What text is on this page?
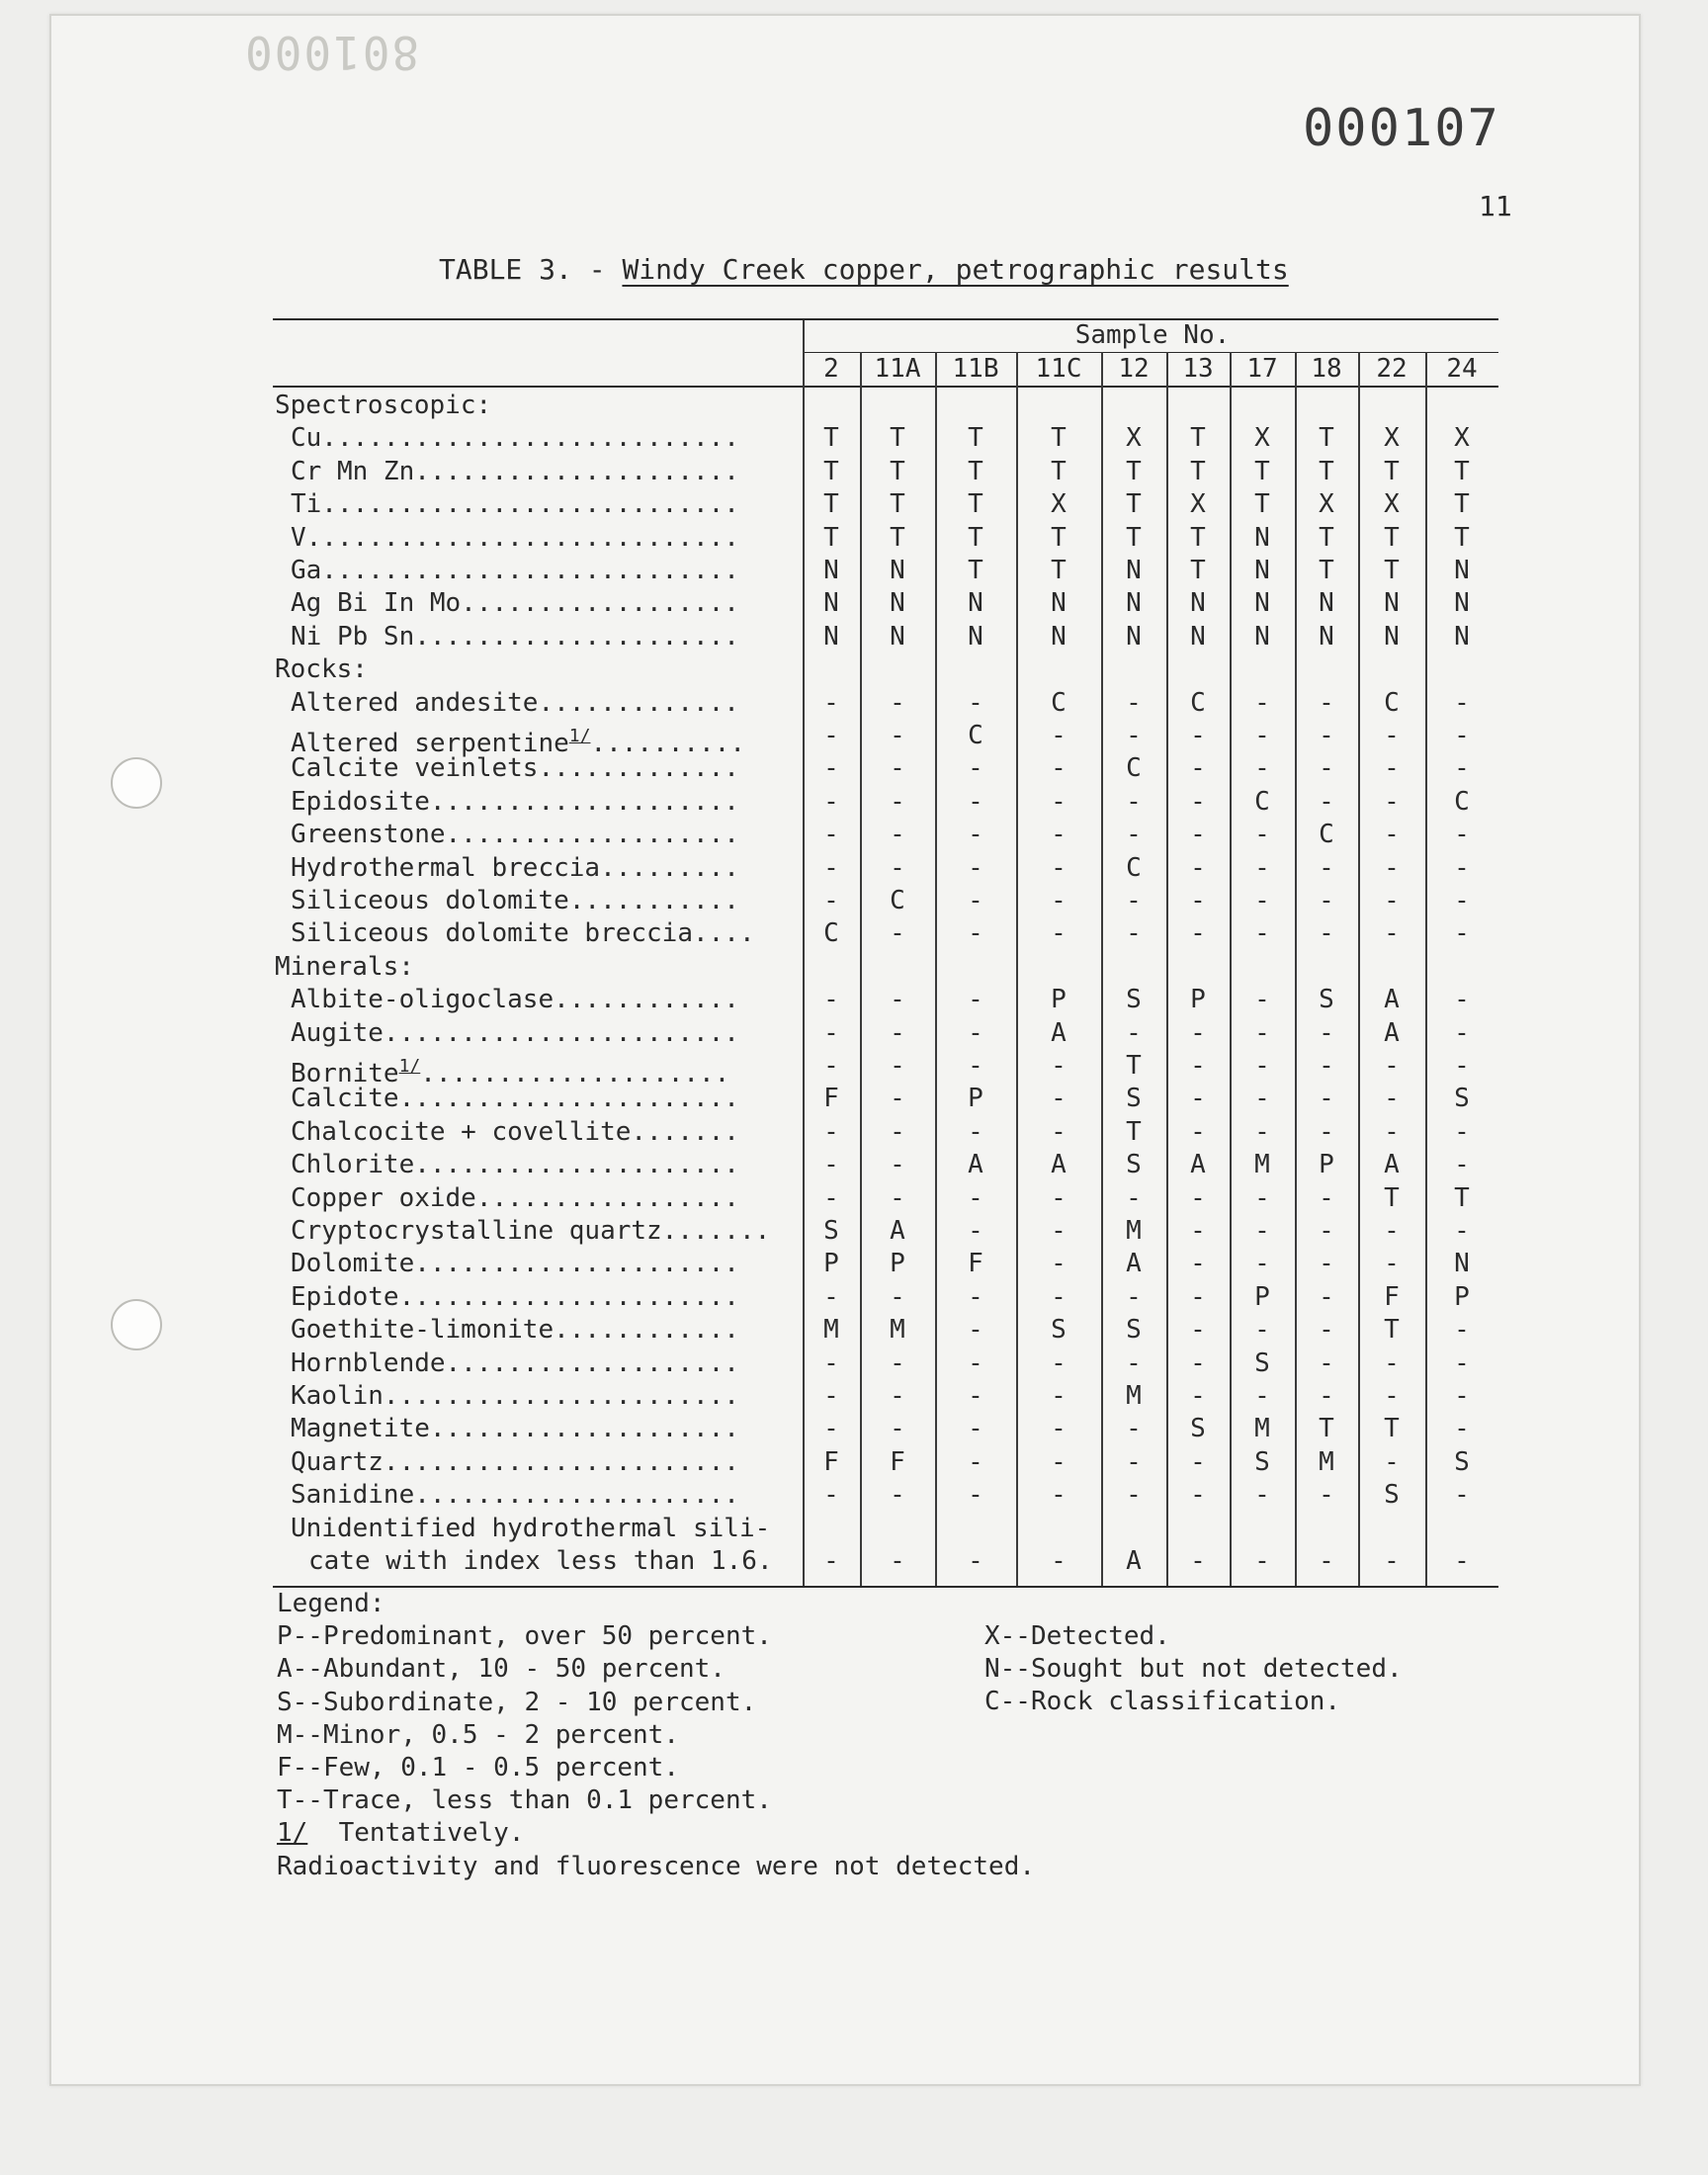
801000
000107
11
TABLE 3. - Windy Creek copper, petrographic results
Sample No.
2	11A	11B	11C	12	13	17	18	22	24
Spectroscopic:
Cu...........................	T	T	T	T	X	T	X	T	X	X
Cr Mn Zn.....................	T	T	T	T	T	T	T	T	T	T
Ti...........................	T	T	T	X	T	X	T	X	X	T
V............................	T	T	T	T	T	T	N	T	T	T
Ga...........................	N	N	T	T	N	T	N	T	T	N
Ag Bi In Mo..................	N	N	N	N	N	N	N	N	N	N
Ni Pb Sn.....................	N	N	N	N	N	N	N	N	N	N
Rocks:
Altered andesite.............	-	-	-	C	-	C	-	-	C	-
Altered serpentine$^{1/}$..........	-	-	C	-	-	-	-	-	-	-
Calcite veinlets.............	-	-	-	-	C	-	-	-	-	-
Epidosite....................	-	-	-	-	-	-	C	-	-	C
Greenstone...................	-	-	-	-	-	-	-	C	-	-
Hydrothermal breccia.........	-	-	-	-	C	-	-	-	-	-
Siliceous dolomite...........	-	C	-	-	-	-	-	-	-	-
Siliceous dolomite breccia....	C	-	-	-	-	-	-	-	-	-
Minerals:
Albite-oligoclase............	-	-	-	P	S	P	-	S	A	-
Augite.......................	-	-	-	A	-	-	-	-	A	-
Bornite$^{1/}$....................	-	-	-	-	T	-	-	-	-	-
Calcite......................	F	-	P	-	S	-	-	-	-	S
Chalcocite + covellite.......	-	-	-	-	T	-	-	-	-	-
Chlorite.....................	-	-	A	A	S	A	M	P	A	-
Copper oxide.................	-	-	-	-	-	-	-	-	T	T
Cryptocrystalline quartz.......	S	A	-	-	M	-	-	-	-	-
Dolomite.....................	P	P	F	-	A	-	-	-	-	N
Epidote......................	-	-	-	-	-	-	P	-	F	P
Goethite-limonite............	M	M	-	S	S	-	-	-	T	-
Hornblende...................	-	-	-	-	-	-	S	-	-	-
Kaolin.......................	-	-	-	-	M	-	-	-	-	-
Magnetite....................	-	-	-	-	-	S	M	T	T	-
Quartz.......................	F	F	-	-	-	-	S	M	-	S
Sanidine.....................	-	-	-	-	-	-	-	-	S	-
Unidentified hydrothermal sili-
cate with index less than 1.6.	-	-	-	-	A	-	-	-	-	-
Legend:
P--Predominant, over 50 percent.
A--Abundant, 10 - 50 percent.
S--Subordinate, 2 - 10 percent.
M--Minor, 0.5 - 2 percent.
F--Few, 0.1 - 0.5 percent.
T--Trace, less than 0.1 percent.
1/  Tentatively.
Radioactivity and fluorescence were not detected.
X--Detected.
N--Sought but not detected.
C--Rock classification.
